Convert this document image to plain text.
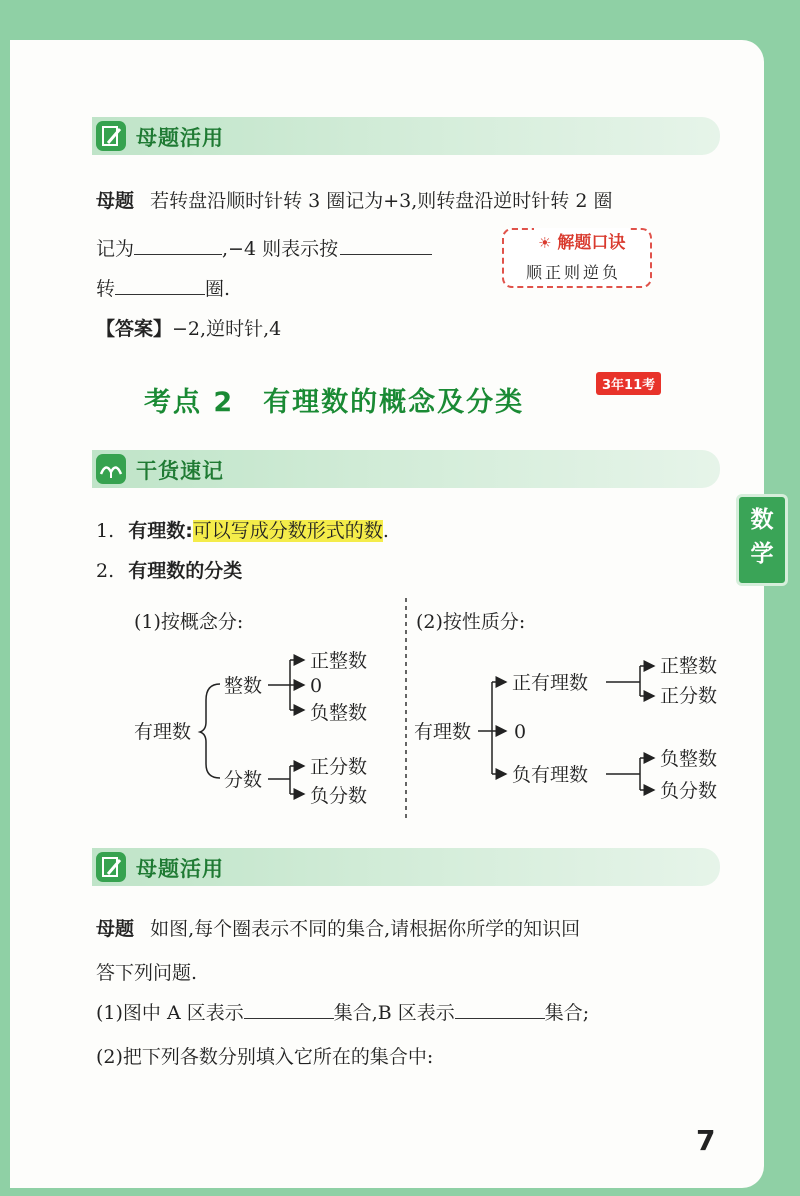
母题活用
母题 若转盘沿顺时针转 3 圈记为+3,则转盘沿逆时针转 2 圈
记为	,−4 则表示按
转	圈.
【答案】−2,逆时针,4
☀ 解题口诀
顺正则逆负
考点 2　有理数的概念及分类
3年11考
干货速记
1. 有理数:可以写成分数形式的数.
2. 有理数的分类
(1)按概念分:
有理数
整数
正整数
0
负整数
分数
正分数
负分数
(2)按性质分:
有理数
正有理数
0
负有理数
正整数
正分数
负整数
负分数
母题活用
母题 如图,每个圈表示不同的集合,请根据你所学的知识回
答下列问题.
(1)图中 A 区表示	集合,B 区表示	集合;
(2)把下列各数分别填入它所在的集合中:
数
学
7
